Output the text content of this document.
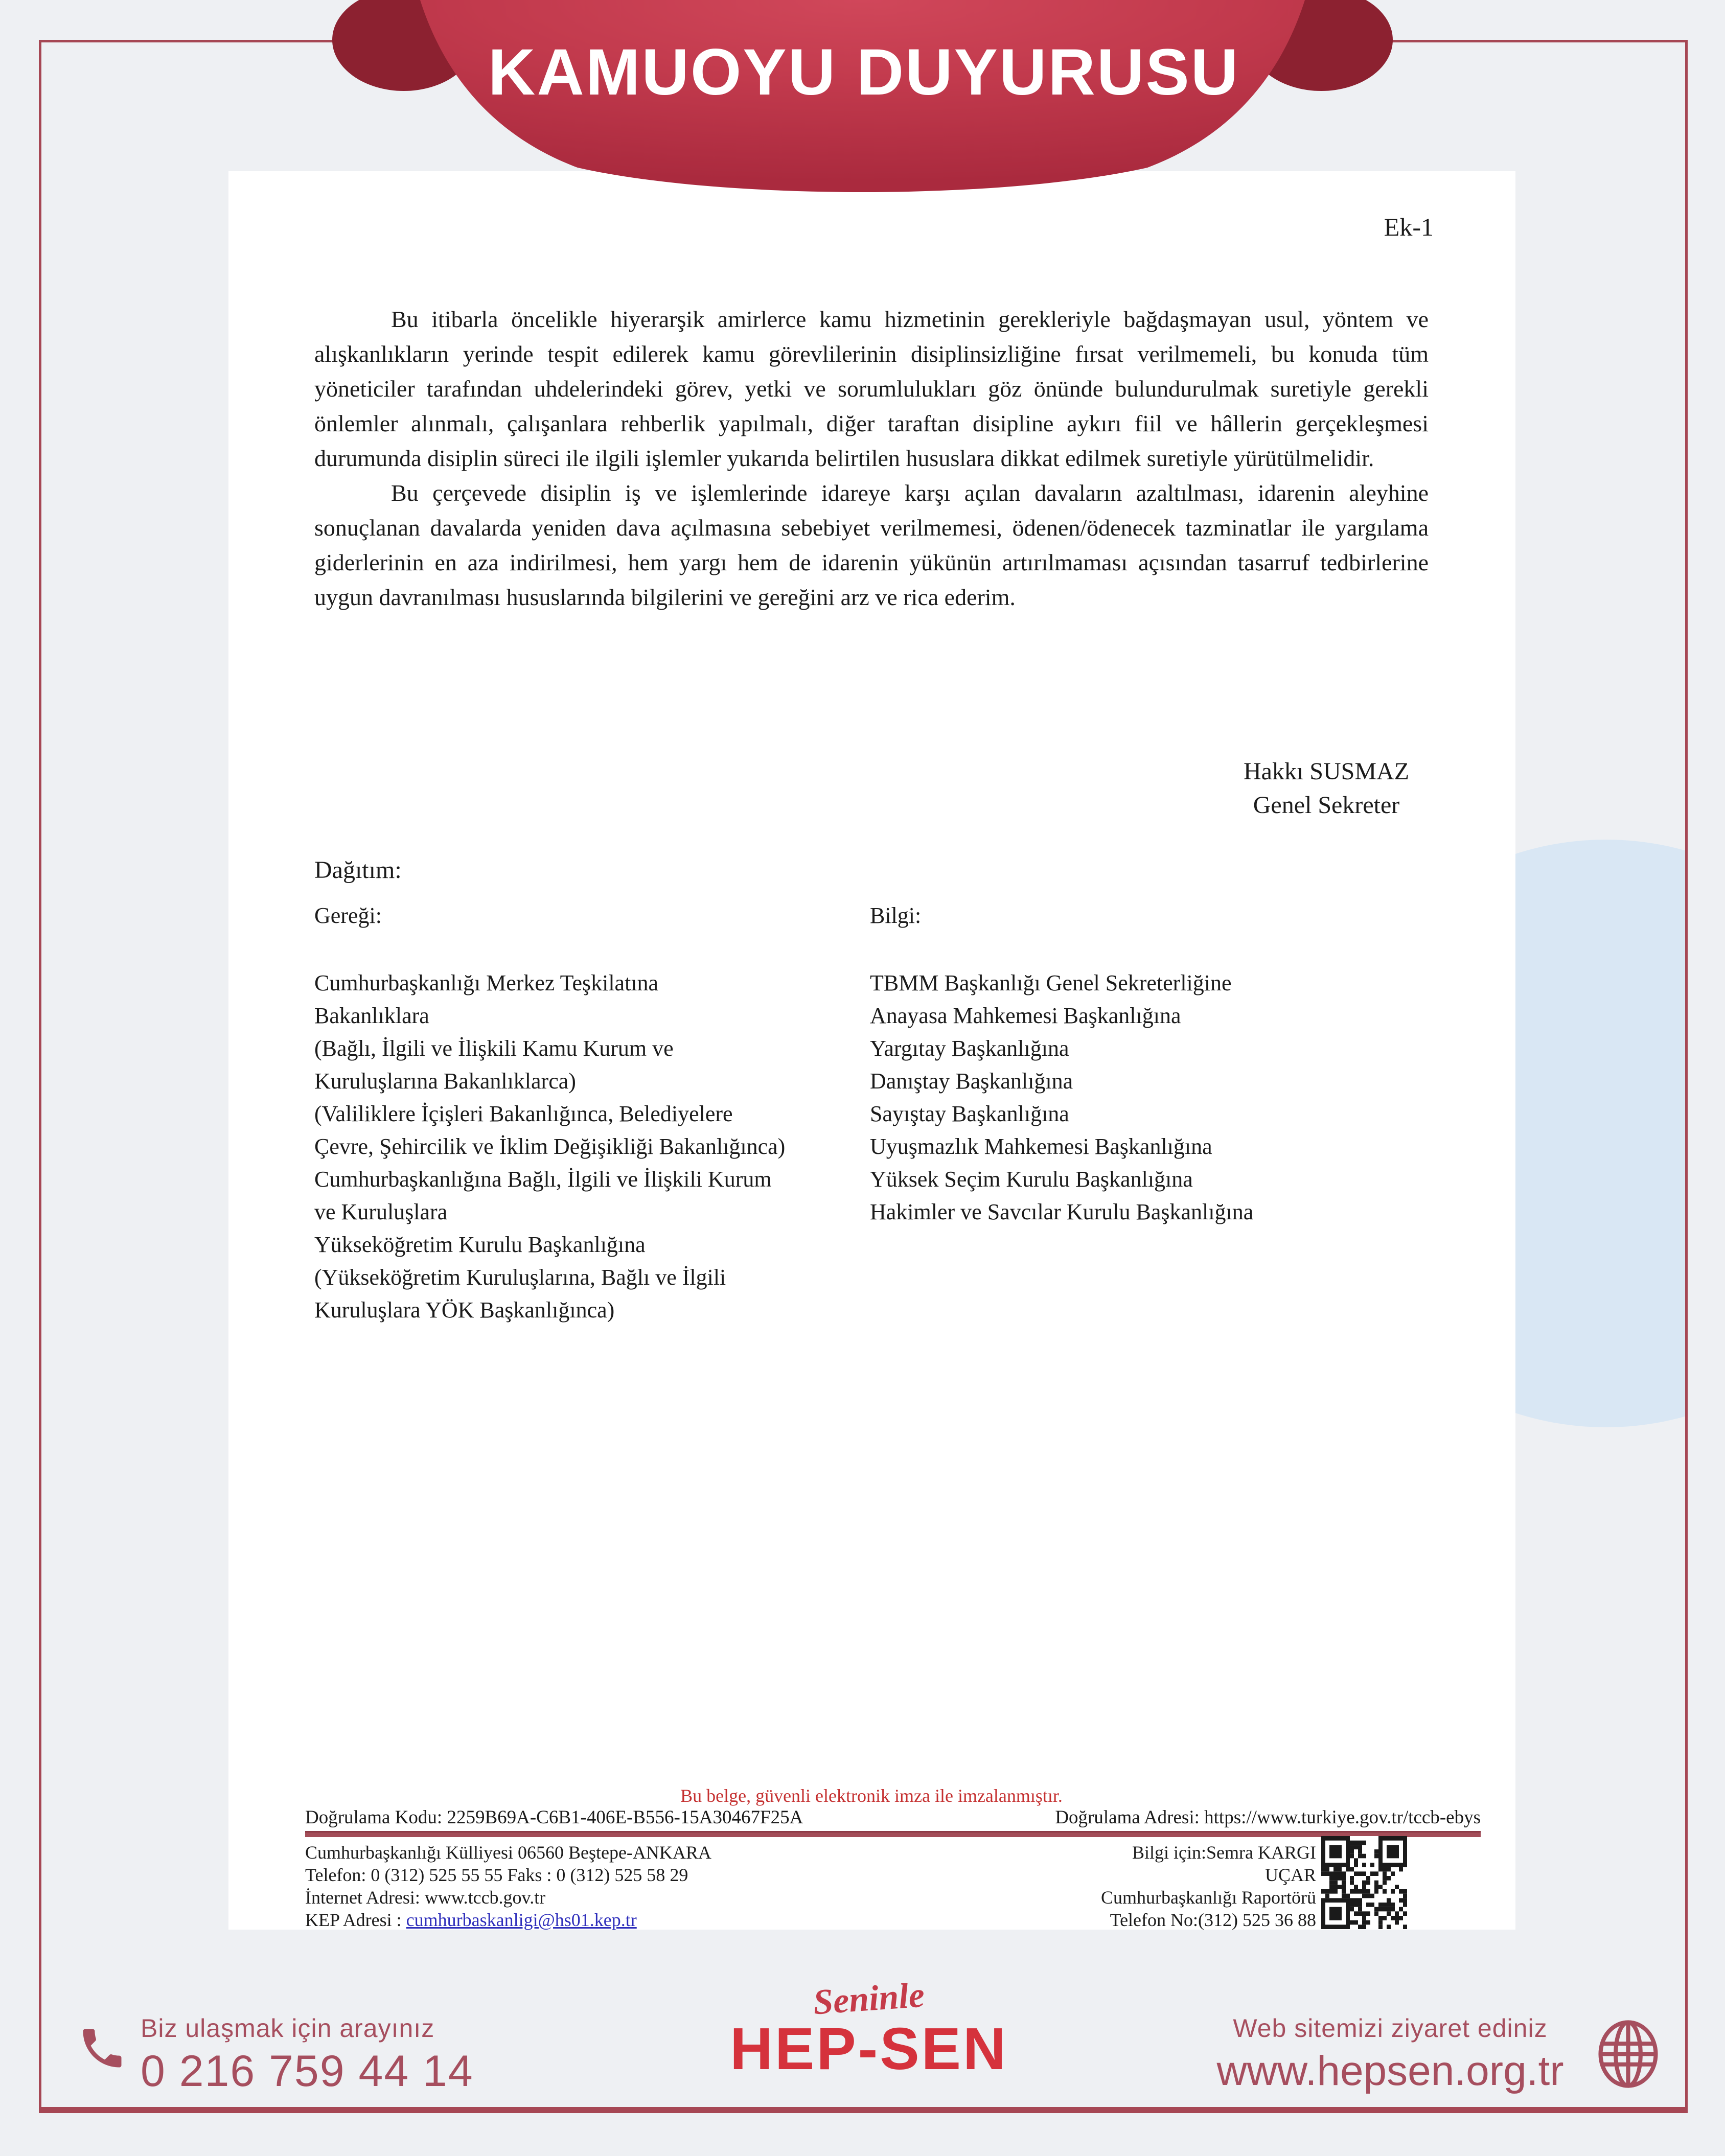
KAMUOYU DUYURUSU
Ek-1

Bu itibarla öncelikle hiyerarşik amirlerce kamu hizmetinin gerekleriyle bağdaşmayan usul, yöntem ve alışkanlıkların yerinde tespit edilerek kamu görevlilerinin disiplinsizliğine fırsat verilmemeli, bu konuda tüm yöneticiler tarafından uhdelerindeki görev, yetki ve sorumlulukları göz önünde bulundurulmak suretiyle gerekli önlemler alınmalı, çalışanlara rehberlik yapılmalı, diğer taraftan disipline aykırı fiil ve hâllerin gerçekleşmesi durumunda disiplin süreci ile ilgili işlemler yukarıda belirtilen hususlara dikkat edilmek suretiyle yürütülmelidir.

Bu çerçevede disiplin iş ve işlemlerinde idareye karşı açılan davaların azaltılması, idarenin aleyhine sonuçlanan davalarda yeniden dava açılmasına sebebiyet verilmemesi, ödenen/ödenecek tazminatlar ile yargılama giderlerinin en aza indirilmesi, hem yargı hem de idarenin yükünün artırılmaması açısından tasarruf tedbirlerine uygun davranılması hususlarında bilgilerini ve gereğini arz ve rica ederim.

Hakkı SUSMAZ
Genel Sekreter
Dağıtım:
Gereği:
Cumhurbaşkanlığı Merkez Teşkilatına
Bakanlıklara
(Bağlı, İlgili ve İlişkili Kamu Kurum ve
Kuruluşlarına Bakanlıklarca)
(Valiliklere İçişleri Bakanlığınca, Belediyelere
Çevre, Şehircilik ve İklim Değişikliği Bakanlığınca)
Cumhurbaşkanlığına Bağlı, İlgili ve İlişkili Kurum
ve Kuruluşlara
Yükseköğretim Kurulu Başkanlığına
(Yükseköğretim Kuruluşlarına, Bağlı ve İlgili
Kuruluşlara YÖK Başkanlığınca)
Bilgi:
TBMM Başkanlığı Genel Sekreterliğine
Anayasa Mahkemesi Başkanlığına
Yargıtay Başkanlığına
Danıştay Başkanlığına
Sayıştay Başkanlığına
Uyuşmazlık Mahkemesi Başkanlığına
Yüksek Seçim Kurulu Başkanlığına
Hakimler ve Savcılar Kurulu Başkanlığına
Bu belge, güvenli elektronik imza ile imzalanmıştır.
Doğrulama Kodu: 2259B69A-C6B1-406E-B556-15A30467F25A	Doğrulama Adresi: https://www.turkiye.gov.tr/tccb-ebys
Cumhurbaşkanlığı Külliyesi 06560 Beştepe-ANKARA
Telefon: 0 (312) 525 55 55 Faks : 0 (312) 525 58 29
İnternet Adresi: www.tccb.gov.tr
KEP Adresi : cumhurbaskanligi@hs01.kep.tr
Bilgi için:Semra KARGI
UÇAR
Cumhurbaşkanlığı Raportörü
Telefon No:(312) 525 36 88
Biz ulaşmak için arayınız
0 216 759 44 14
Seninle
HEP-SEN	Web sitemizi ziyaret ediniz
www.hepsen.org.tr
